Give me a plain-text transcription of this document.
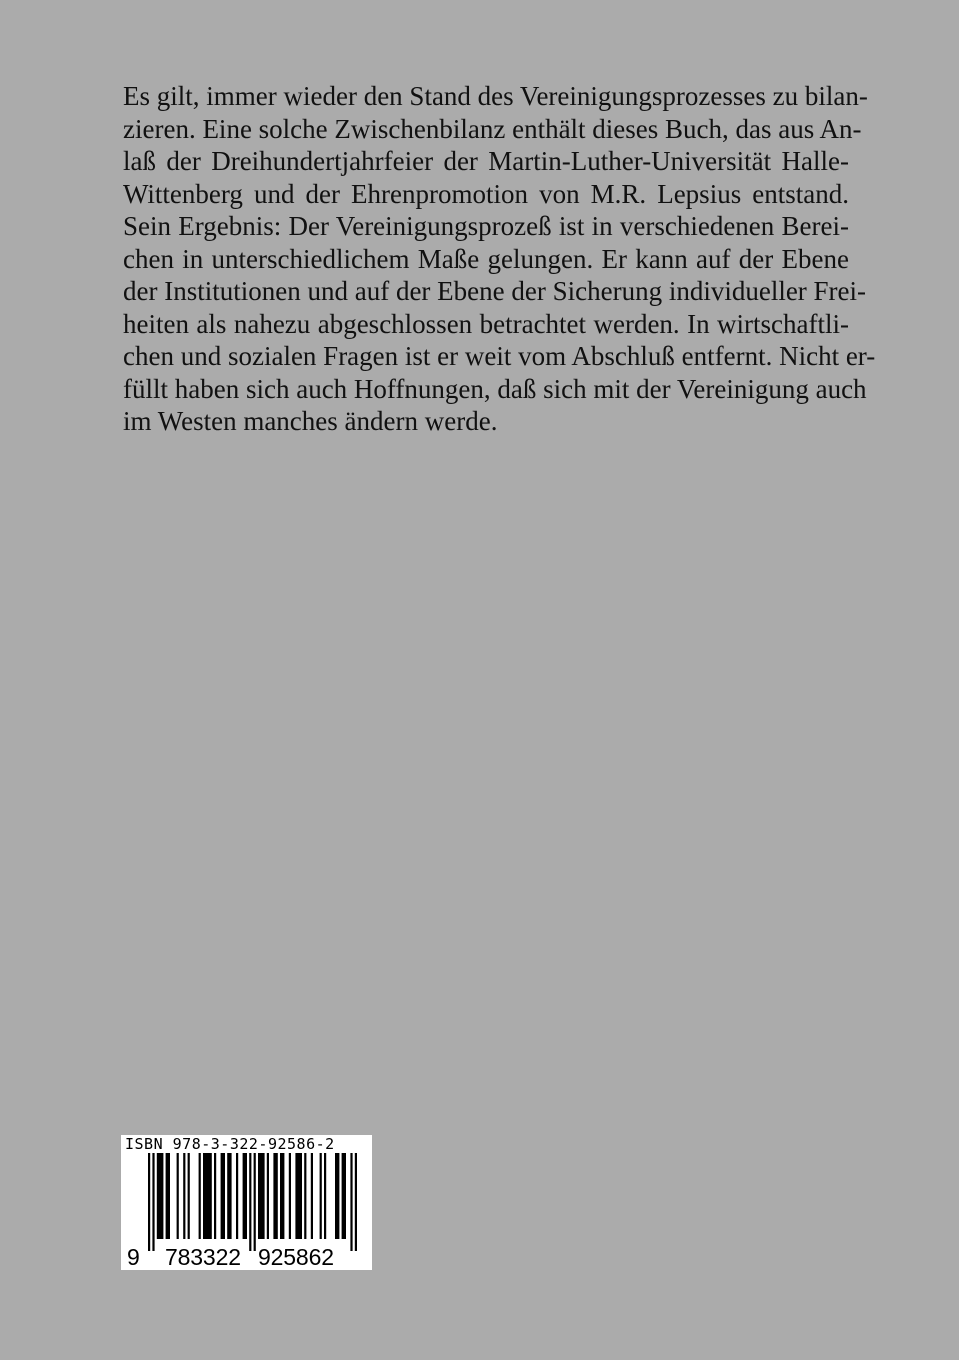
Es gilt, immer wieder den Stand des Vereinigungsprozesses zu bilan-
zieren. Eine solche Zwischenbilanz enthält dieses Buch, das aus An-
laß der Dreihundertjahrfeier der Martin-Luther-Universität Halle-
Wittenberg und der Ehrenpromotion von M.R. Lepsius entstand.
Sein Ergebnis: Der Vereinigungsprozeß ist in verschiedenen Berei-
chen in unterschiedlichem Maße gelungen. Er kann auf der Ebene
der Institutionen und auf der Ebene der Sicherung individueller Frei-
heiten als nahezu abgeschlossen betrachtet werden. In wirtschaftli-
chen und sozialen Fragen ist er weit vom Abschluß entfernt. Nicht er-
füllt haben sich auch Hoffnungen, daß sich mit der Vereinigung auch
im Westen manches ändern werde.
ISBN 978-3-322-92586-2
9 783322 925862
